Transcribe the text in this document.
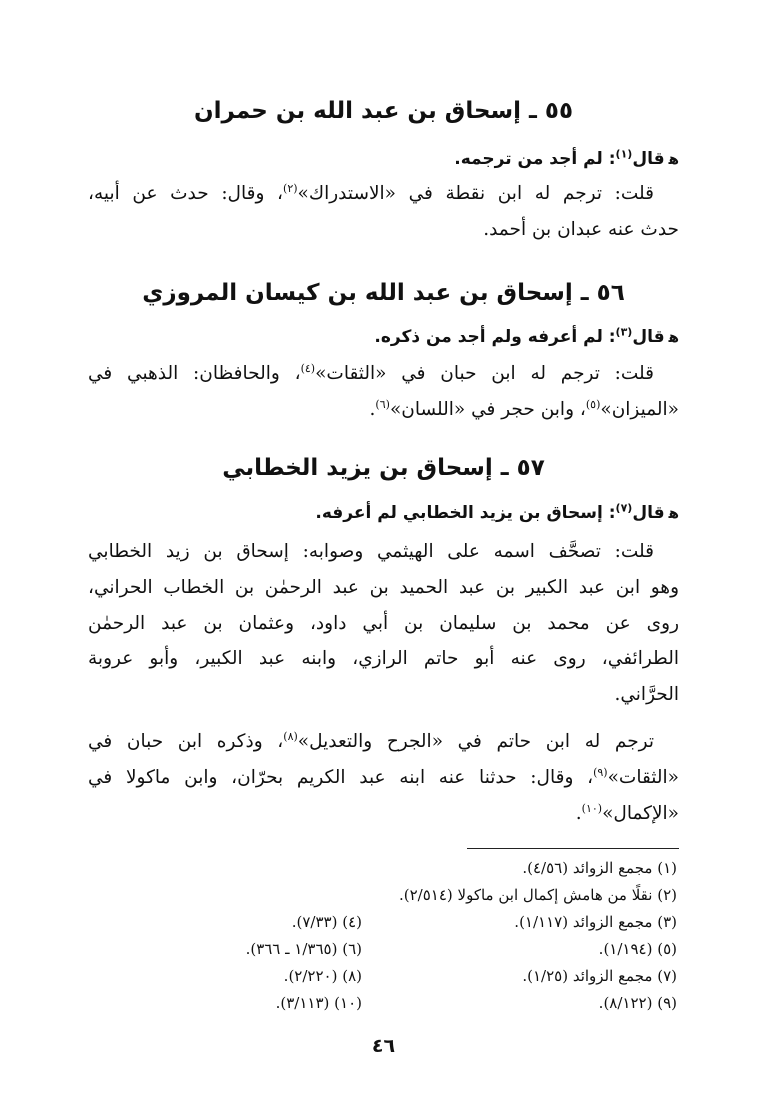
٥٥ ـ إسحاق بن عبد الله بن حمران
ﻫقال$^{(١)}$: لم أجد من ترجمه.
قلت: ترجم له ابن نقطة في «الاستدراك»$^{(٢)}$، وقال: حدث عن أبيه،
حدث عنه عبدان بن أحمد.
٥٦ ـ إسحاق بن عبد الله بن كيسان المروزي
ﻫقال$^{(٣)}$: لم أعرفه ولم أجد من ذكره.
قلت: ترجم له ابن حبان في «الثقات»$^{(٤)}$، والحافظان: الذهبي في
«الميزان»$^{(٥)}$، وابن حجر في «اللسان»$^{(٦)}$.
٥٧ ـ إسحاق بن يزيد الخطابي
ﻫقال$^{(٧)}$: إسحاق بن يزيد الخطابي لم أعرفه.
قلت: تصحَّف اسمه على الهيثمي وصوابه: إسحاق بن زيد الخطابي
وهو ابن عبد الكبير بن عبد الحميد بن عبد الرحمٰن بن الخطاب الحراني،
روى عن محمد بن سليمان بن أبي داود، وعثمان بن عبد الرحمٰن
الطرائفي، روى عنه أبو حاتم الرازي، وابنه عبد الكبير، وأبو عروبة
الحرَّاني.
ترجم له ابن حاتم في «الجرح والتعديل»$^{(٨)}$، وذكره ابن حبان في
«الثقات»$^{(٩)}$، وقال: حدثنا عنه ابنه عبد الكريم بحرّان، وابن ماكولا في
«الإكمال»$^{(١٠)}$.
(١) مجمع الزوائد (٤/٥٦).
(٢) نقلًا من هامش إكمال ابن ماكولا (٢/٥١٤).
(٣) مجمع الزوائد (١/١١٧).
(٤) (٧/٣٣).
(٥) (١/١٩٤).
(٦) (١/٣٦٥ ـ ٣٦٦).
(٧) مجمع الزوائد (١/٢٥).
(٨) (٢/٢٢٠).
(٩) (٨/١٢٢).
(١٠) (٣/١١٣).
٤٦
